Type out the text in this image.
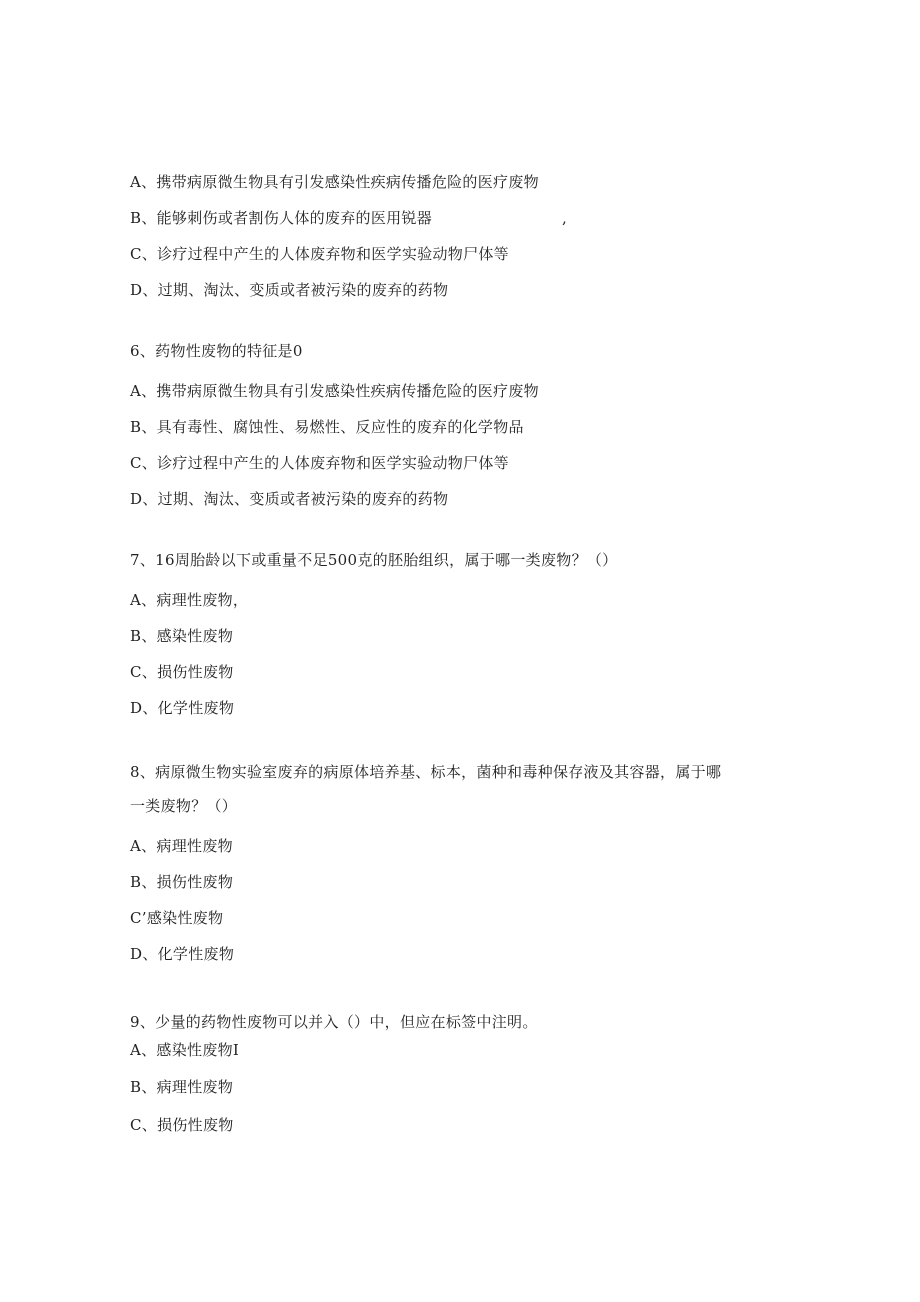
A、携带病原微生物具有引发感染性疾病传播危险的医疗废物
B、能够刺伤或者割伤人体的废弃的医用锐器	,
C、诊疗过程中产生的人体废弃物和医学实验动物尸体等
D、过期、淘汰、变质或者被污染的废弃的药物
6、药物性废物的特征是0
A、携带病原微生物具有引发感染性疾病传播危险的医疗废物
B、具有毒性、腐蚀性、易燃性、反应性的废弃的化学物品
C、诊疗过程中产生的人体废弃物和医学实验动物尸体等
D、过期、淘汰、变质或者被污染的废弃的药物
7、16周胎龄以下或重量不足500克的胚胎组织，属于哪一类废物？（）
A、病理性废物，
B、感染性废物
C、损伤性废物
D、化学性废物
8、病原微生物实验室废弃的病原体培养基、标本，菌种和毒种保存液及其容器，属于哪
一类废物？（）
A、病理性废物
B、损伤性废物
C’感染性废物
D、化学性废物
9、少量的药物性废物可以并入（）中，但应在标签中注明。
A、感染性废物I
B、病理性废物
C、损伤性废物
